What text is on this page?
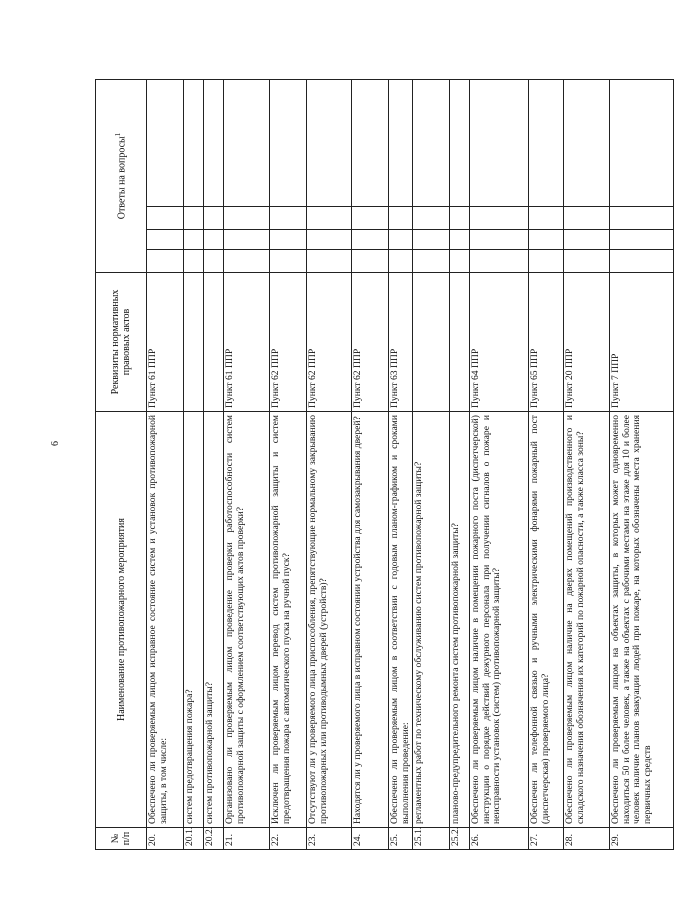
6
№ п/п	Наименование противопожарного мероприятия	Реквизиты нормативных правовых актов	Ответы на вопросы$^1$
20.	Обеспечено ли проверяемым лицом исправное состояние систем и установок противопожарной защиты, в том числе:	Пункт 61 ППР				
20.1.	систем предотвращения пожара?					
20.2.	систем противопожарной защиты?					
21.	Организовано ли проверяемым лицом проведение проверки работоспособности систем противопожарной защиты с оформлением соответствующих актов проверки?	Пункт 61 ППР				
22.	Исключен ли проверяемым лицом перевод систем противопожарной защиты и систем предотвращения пожара с автоматического пуска на ручной пуск?	Пункт 62 ППР				
23.	Отсутствуют ли у проверяемого лица приспособления, препятствующие нормальному закрыванию противопожарных или противодымных дверей (устройств)?	Пункт 62 ППР				
24.	Находятся ли у проверяемого лица в исправном состоянии устройства для самозакрывания дверей?	Пункт 62 ППР				
25.	Обеспечено ли проверяемым лицом в соответствии с годовым планом-графиком и сроками выполнения проведение:	Пункт 63 ППР				
25.1.	регламентных работ по техническому обслуживанию систем противопожарной защиты?					
25.2.	планово-предупредительного ремонта систем противопожарной защиты?					
26.	Обеспечено ли проверяемым лицом наличие в помещении пожарного поста (диспетчерской) инструкции о порядке действий дежурного персонала при получении сигналов о пожаре и неисправности установок (систем) противопожарной защиты?	Пункт 64 ППР				
27.	Обеспечен ли телефонной связью и ручными электрическими фонарями пожарный пост (диспетчерская) проверяемого лица?	Пункт 65 ППР				
28.	Обеспечено ли проверяемым лицом наличие на дверях помещений производственного и складского назначения обозначения их категорий по пожарной опасности, а также класса зоны?	Пункт 20 ППР				
29.	Обеспечено ли проверяемым лицом на объектах защиты, в которых может одновременно находиться 50 и более человек, а также на объектах с рабочими местами на этаже для 10 и более человек наличие планов эвакуации людей при пожаре, на которых обозначены места хранения первичных средств	Пункт 7 ППР				
